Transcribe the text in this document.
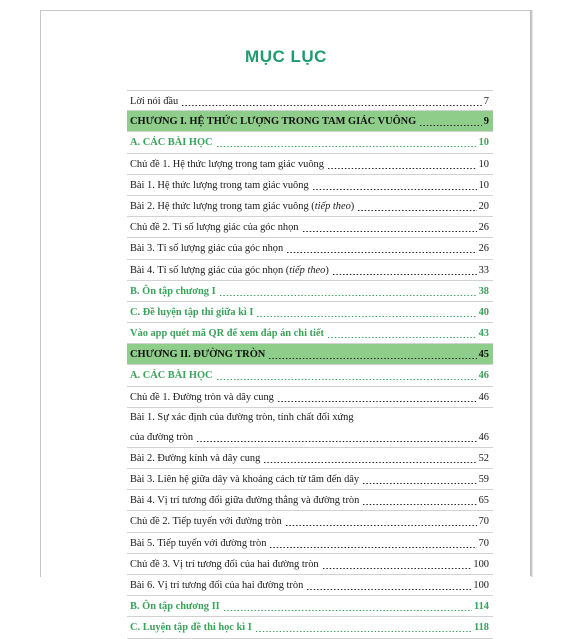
MỤC LỤC
Lời nói đầu	7
CHƯƠNG I. HỆ THỨC LƯỢNG TRONG TAM GIÁC VUÔNG	9
A. CÁC BÀI HỌC	10
Chủ đề 1. Hệ thức lượng trong tam giác vuông	10
Bài 1. Hệ thức lượng trong tam giác vuông	10
Bài 2. Hệ thức lượng trong tam giác vuông (tiếp theo)	20
Chủ đề 2. Tỉ số lượng giác của góc nhọn	26
Bài 3. Tỉ số lượng giác của góc nhọn	26
Bài 4. Tỉ số lượng giác của góc nhọn (tiếp theo)	33
B. Ôn tập chương I	38
C. Đề luyện tập thi giữa kì I	40
Vào app quét mã QR để xem đáp án chi tiết	43
CHƯƠNG II. ĐƯỜNG TRÒN	45
A. CÁC BÀI HỌC	46
Chủ đề 1. Đường tròn và dây cung	46
Bài 1. Sự xác định của đường tròn, tính chất đối xứng
của đường tròn	46
Bài 2. Đường kính và dây cung	52
Bài 3. Liên hệ giữa dây và khoảng cách từ tâm đến dây	59
Bài 4. Vị trí tương đối giữa đường thẳng và đường tròn	65
Chủ đề 2. Tiếp tuyến với đường tròn	70
Bài 5. Tiếp tuyến với đường tròn	70
Chủ đề 3. Vị trí tương đối của hai đường tròn	100
Bài 6. Vị trí tương đối của hai đường tròn	100
B. Ôn tập chương II	114
C. Luyện tập đề thi học kì I	118
